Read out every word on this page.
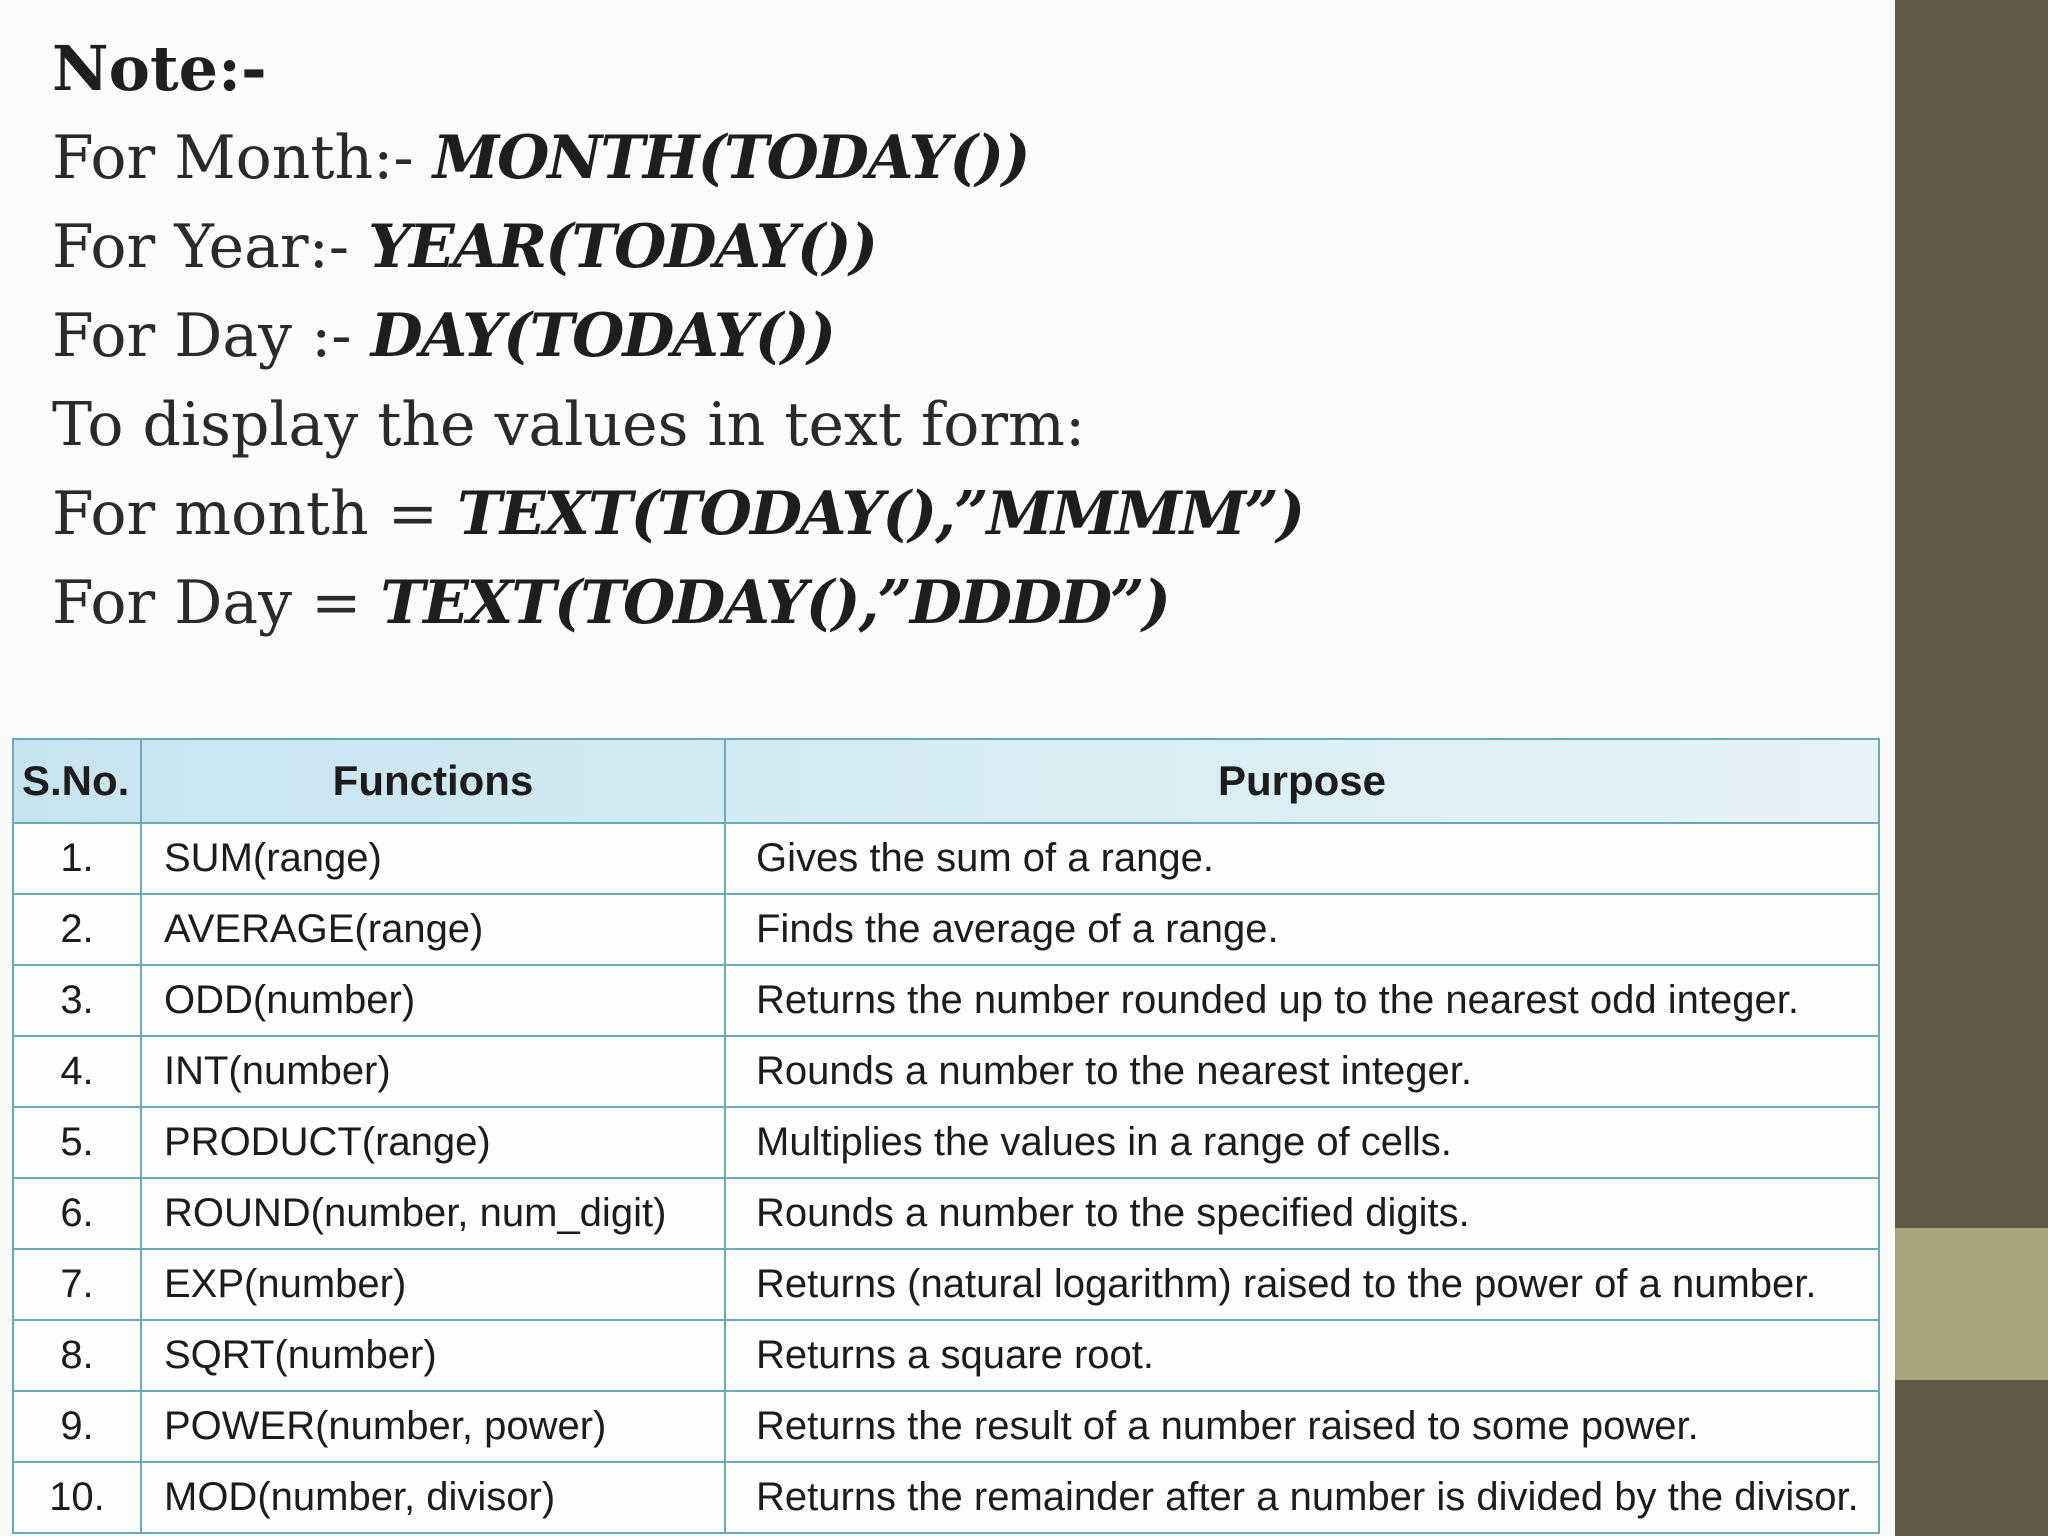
Note:-
For Month:- MONTH(TODAY())
For Year:- YEAR(TODAY())
For Day :- DAY(TODAY())
To display the values in text form:
For month = TEXT(TODAY(),”MMMM”)
For Day = TEXT(TODAY(),”DDDD”)
S.No.	Functions	Purpose
1.	SUM(range)	Gives the sum of a range.
2.	AVERAGE(range)	Finds the average of a range.
3.	ODD(number)	Returns the number rounded up to the nearest odd integer.
4.	INT(number)	Rounds a number to the nearest integer.
5.	PRODUCT(range)	Multiplies the values in a range of cells.
6.	ROUND(number, num_digit)	Rounds a number to the specified digits.
7.	EXP(number)	Returns (natural logarithm) raised to the power of a number.
8.	SQRT(number)	Returns a square root.
9.	POWER(number, power)	Returns the result of a number raised to some power.
10.	MOD(number, divisor)	Returns the remainder after a number is divided by the divisor.
